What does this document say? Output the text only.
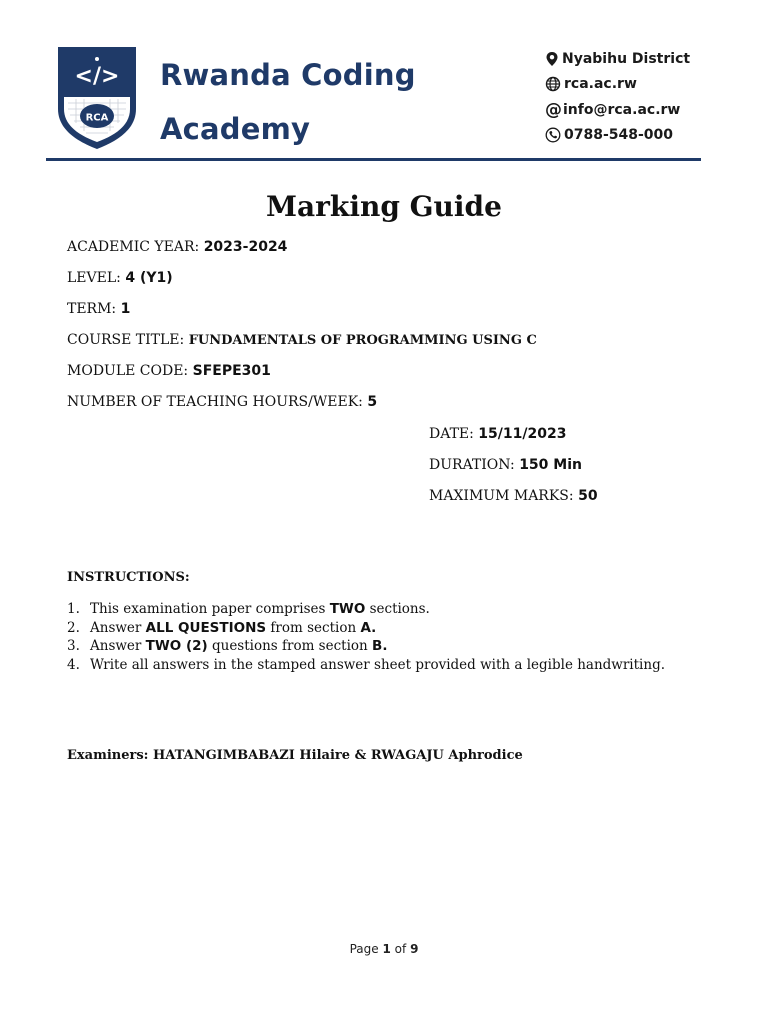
RCA
</> Rwanda Coding
Academy
Nyabihu District
rca.ac.rw
@ info@rca.ac.rw
0788-548-000
Marking Guide
ACADEMIC YEAR: 2023-2024
LEVEL: 4 (Y1)
TERM: 1
COURSE TITLE: FUNDAMENTALS OF PROGRAMMING USING C
MODULE CODE: SFEPE301
NUMBER OF TEACHING HOURS/WEEK: 5
DATE: 15/11/2023
DURATION: 150 Min
MAXIMUM MARKS: 50
INSTRUCTIONS:
1. This examination paper comprises TWO sections.
2. Answer ALL QUESTIONS from section A.
3. Answer TWO (2) questions from section B.
4. Write all answers in the stamped answer sheet provided with a legible handwriting.
Examiners: HATANGIMBABAZI Hilaire & RWAGAJU Aphrodice
Page 1 of 9
